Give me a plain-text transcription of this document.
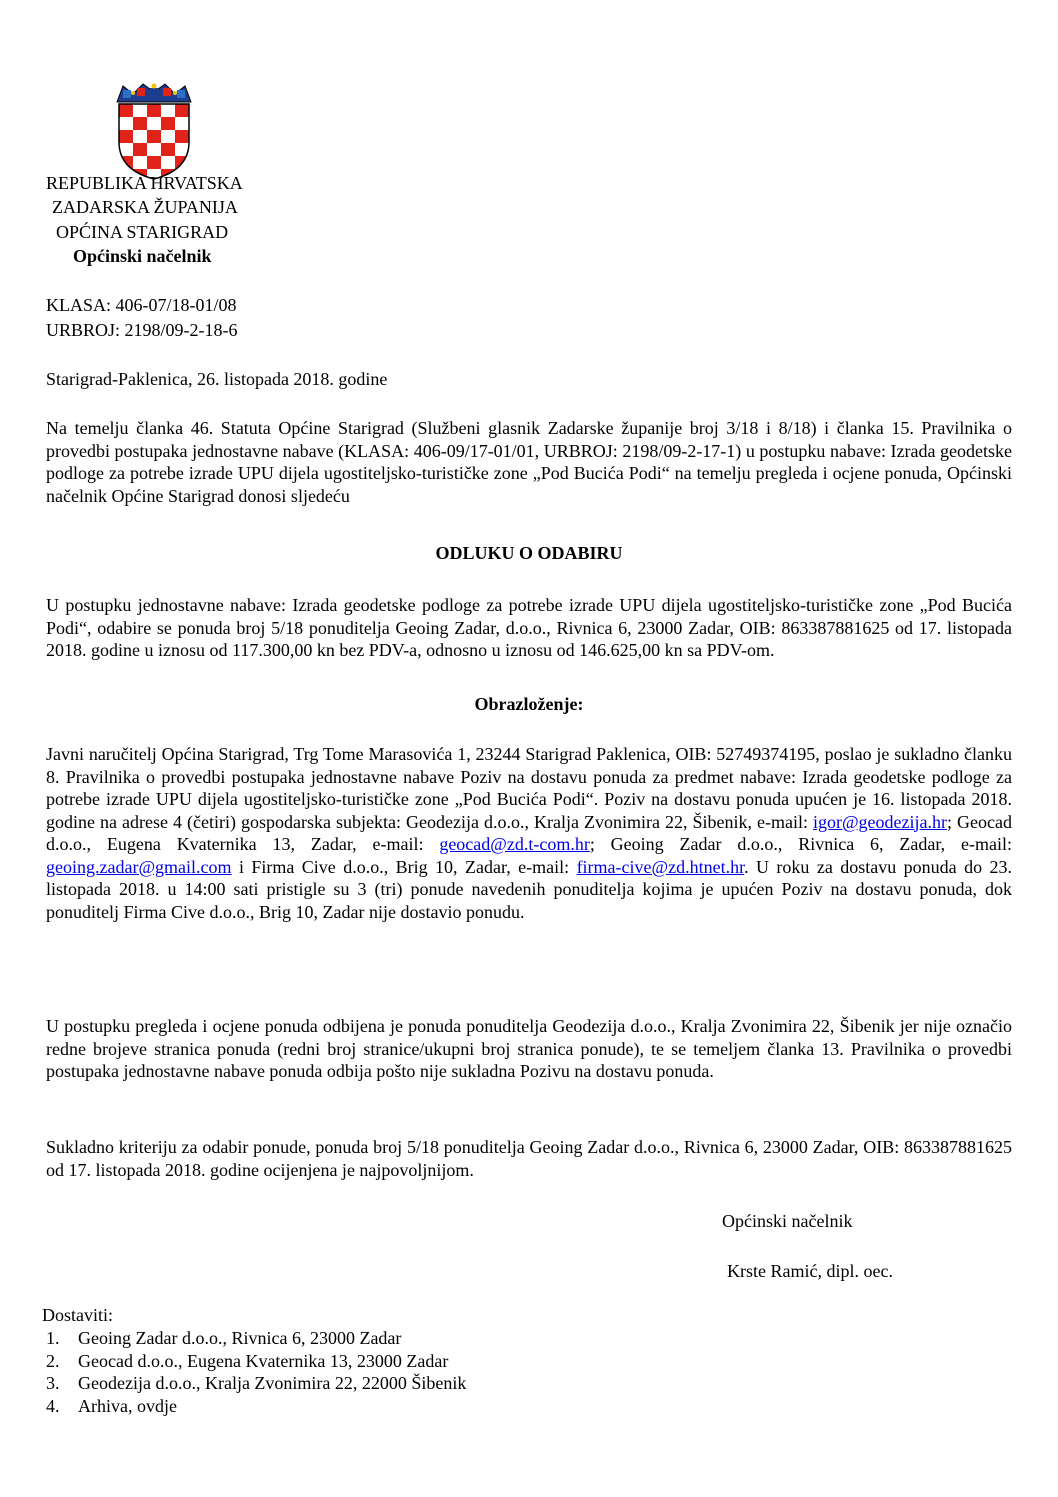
REPUBLIKA HRVATSKA
ZADARSKA ŽUPANIJA
OPĆINA STARIGRAD
Općinski načelnik
KLASA: 406-07/18-01/08
URBROJ: 2198/09-2-18-6
Starigrad-Paklenica, 26. listopada 2018. godine
Na temelju članka 46. Statuta Općine Starigrad (Službeni glasnik Zadarske županije broj 3/18 i 8/18) i članka 15. Pravilnika o provedbi postupaka jednostavne nabave (KLASA: 406-09/17-01/01, URBROJ: 2198/09-2-17-1) u postupku nabave: Izrada geodetske podloge za potrebe izrade UPU dijela ugostiteljsko-turističke zone „Pod Bucića Podi“ na temelju pregleda i ocjene ponuda, Općinski načelnik Općine Starigrad donosi sljedeću
ODLUKU O ODABIRU
U postupku jednostavne nabave: Izrada geodetske podloge za potrebe izrade UPU dijela ugostiteljsko-turističke zone „Pod Bucića Podi“, odabire se ponuda broj 5/18 ponuditelja Geoing Zadar, d.o.o., Rivnica 6, 23000 Zadar, OIB: 863387881625 od 17. listopada 2018. godine u iznosu od 117.300,00 kn bez PDV-a, odnosno u iznosu od 146.625,00 kn sa PDV-om.
Obrazloženje:
Javni naručitelj Općina Starigrad, Trg Tome Marasovića 1, 23244 Starigrad Paklenica, OIB: 52749374195, poslao je sukladno članku 8. Pravilnika o provedbi postupaka jednostavne nabave Poziv na dostavu ponuda za predmet nabave: Izrada geodetske podloge za potrebe izrade UPU dijela ugostiteljsko-turističke zone „Pod Bucića Podi“. Poziv na dostavu ponuda upućen je 16. listopada 2018. godine na adrese 4 (četiri) gospodarska subjekta: Geodezija d.o.o., Kralja Zvonimira 22, Šibenik, e-mail: igor@geodezija.hr; Geocad d.o.o., Eugena Kvaternika 13, Zadar, e-mail: geocad@zd.t-com.hr; Geoing Zadar d.o.o., Rivnica 6, Zadar, e-mail: geoing.zadar@gmail.com i Firma Cive d.o.o., Brig 10, Zadar, e-mail: firma-cive@zd.htnet.hr. U roku za dostavu ponuda do 23. listopada 2018. u 14:00 sati pristigle su 3 (tri) ponude navedenih ponuditelja kojima je upućen Poziv na dostavu ponuda, dok ponuditelj Firma Cive d.o.o., Brig 10, Zadar nije dostavio ponudu.
U postupku pregleda i ocjene ponuda odbijena je ponuda ponuditelja Geodezija d.o.o., Kralja Zvonimira 22, Šibenik jer nije označio redne brojeve stranica ponuda (redni broj stranice/ukupni broj stranica ponude), te se temeljem članka 13. Pravilnika o provedbi postupaka jednostavne nabave ponuda odbija pošto nije sukladna Pozivu na dostavu ponuda.
Sukladno kriteriju za odabir ponude, ponuda broj 5/18 ponuditelja Geoing Zadar d.o.o., Rivnica 6, 23000 Zadar, OIB: 863387881625 od 17. listopada 2018. godine ocijenjena je najpovoljnijom.
Općinski načelnik
Krste Ramić, dipl. oec.
Dostaviti:
1. Geoing Zadar d.o.o., Rivnica 6, 23000 Zadar
2. Geocad d.o.o., Eugena Kvaternika 13, 23000 Zadar
3. Geodezija d.o.o., Kralja Zvonimira 22, 22000 Šibenik
4. Arhiva, ovdje
